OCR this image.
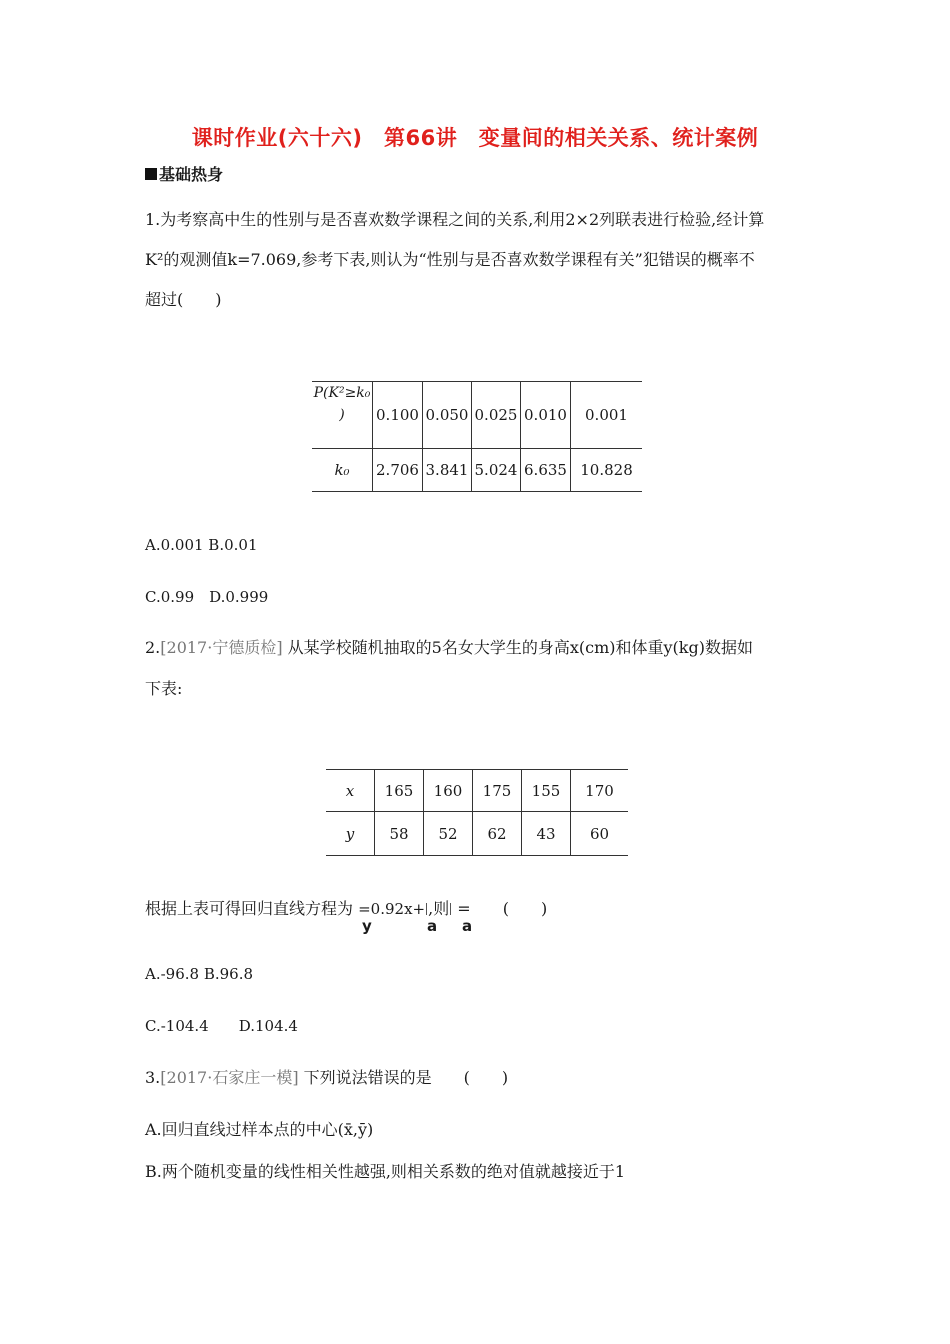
课时作业(六十六)　第66讲　变量间的相关关系、统计案例
基础热身
1.为考察高中生的性别与是否喜欢数学课程之间的关系,利用2×2列联表进行检验,经计算
K²的观测值k=7.069,参考下表,则认为“性别与是否喜欢数学课程有关”犯错误的概率不
超过(　　)
P(K²≥k₀
)	0.100	0.050	0.025	0.010	0.001
k₀	2.706	3.841	5.024	6.635	10.828
A.0.001 B.0.01
C.0.99　D.0.999
2.[2017·宁德质检] 从某学校随机抽取的5名女大学生的身高x(cm)和体重y(kg)数据如
下表:
x	165	160	175	155	170
y	58	52	62	43	60
根据上表可得回归直线方程为 =0.92x+ ,则 =　　(　　)
y	a a
A.-96.8 B.96.8
C.-104.4　　D.104.4
3.[2017·石家庄一模] 下列说法错误的是　　(　　)
A.回归直线过样本点的中心(x̄,ȳ)
B.两个随机变量的线性相关性越强,则相关系数的绝对值就越接近于1
